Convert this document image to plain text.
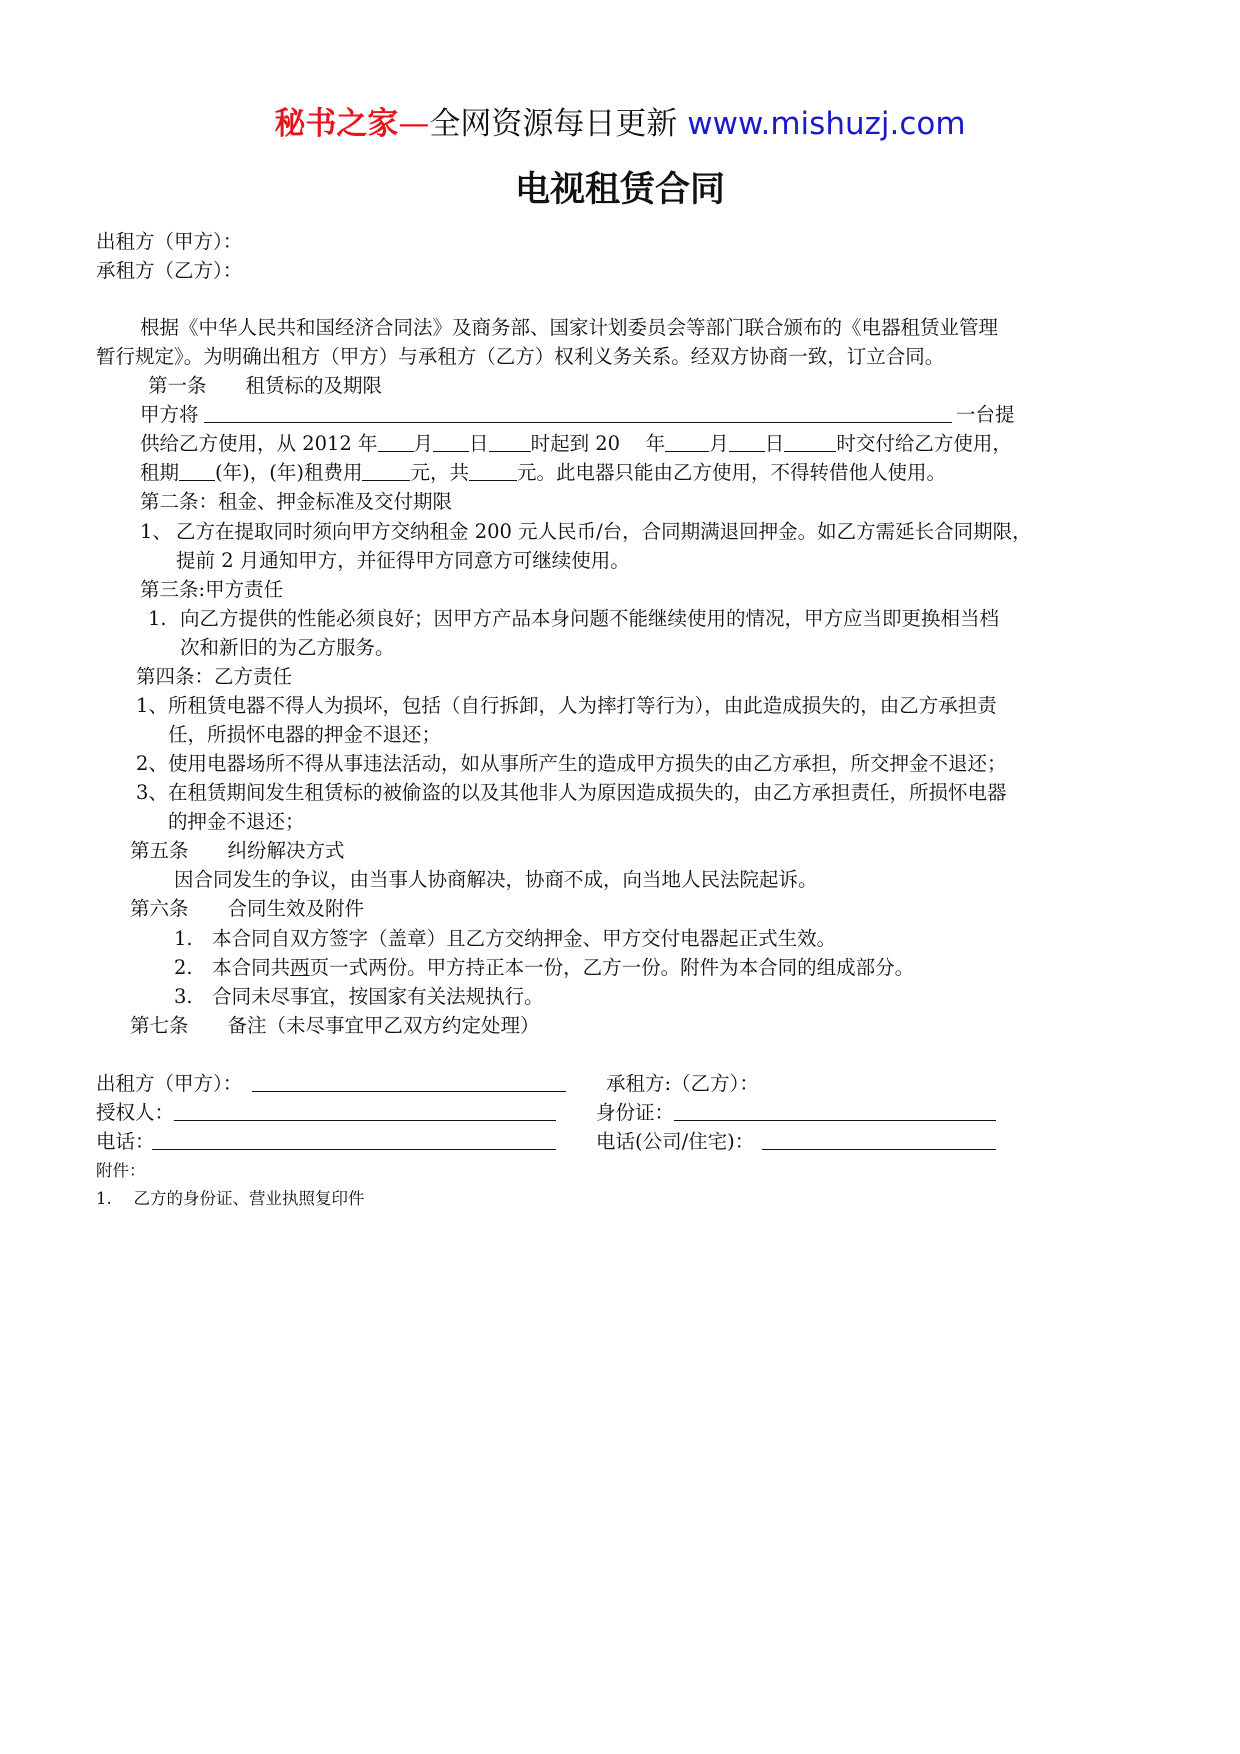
秘书之家—全网资源每日更新 www.mishuzj.com
电视租赁合同
出租方（甲方）：
承租方（乙方）：
根据《中华人民共和国经济合同法》及商务部、国家计划委员会等部门联合颁布的《电器租赁业管理
暂行规定》。为明确出租方（甲方）与承租方（乙方）权利义务关系。经双方协商一致，订立合同。
第一条　　租赁标的及期限
甲方将	一台提
供给乙方使用，从 2012 年 月 日 时起到 20　 年 月 日	时交付给乙方使用，
租期 (年)，(年)租费用 元，共 元。此电器只能由乙方使用，不得转借他人使用。
第二条：租金、押金标准及交付期限
1、 乙方在提取同时须向甲方交纳租金 200 元人民币/台，合同期满退回押金。如乙方需延长合同期限，
提前 2 月通知甲方，并征得甲方同意方可继续使用。
第三条:甲方责任
1. 向乙方提供的性能必须良好；因甲方产品本身问题不能继续使用的情况，甲方应当即更换相当档
次和新旧的为乙方服务。
第四条：乙方责任
1、 所租赁电器不得人为损坏，包括（自行拆卸，人为摔打等行为），由此造成损失的，由乙方承担责
任，所损怀电器的押金不退还；
2、 使用电器场所不得从事违法活动，如从事所产生的造成甲方损失的由乙方承担，所交押金不退还；
3、 在租赁期间发生租赁标的被偷盗的以及其他非人为原因造成损失的，由乙方承担责任，所损怀电器
的押金不退还；
第五条　　纠纷解决方式
因合同发生的争议，由当事人协商解决，协商不成，向当地人民法院起诉。
第六条　　合同生效及附件
1.　本合同自双方签字（盖章）且乙方交纳押金、甲方交付电器起正式生效。
2.　本合同共两页一式两份。甲方持正本一份，乙方一份。附件为本合同的组成部分。
3.　合同未尽事宜，按国家有关法规执行。
第七条　　备注（未尽事宜甲乙双方约定处理）
出租方（甲方）：	承租方:（乙方）：
授权人：	身份证：
电话：	电话(公司/住宅)：
附件：
1.　 乙方的身份证、营业执照复印件
